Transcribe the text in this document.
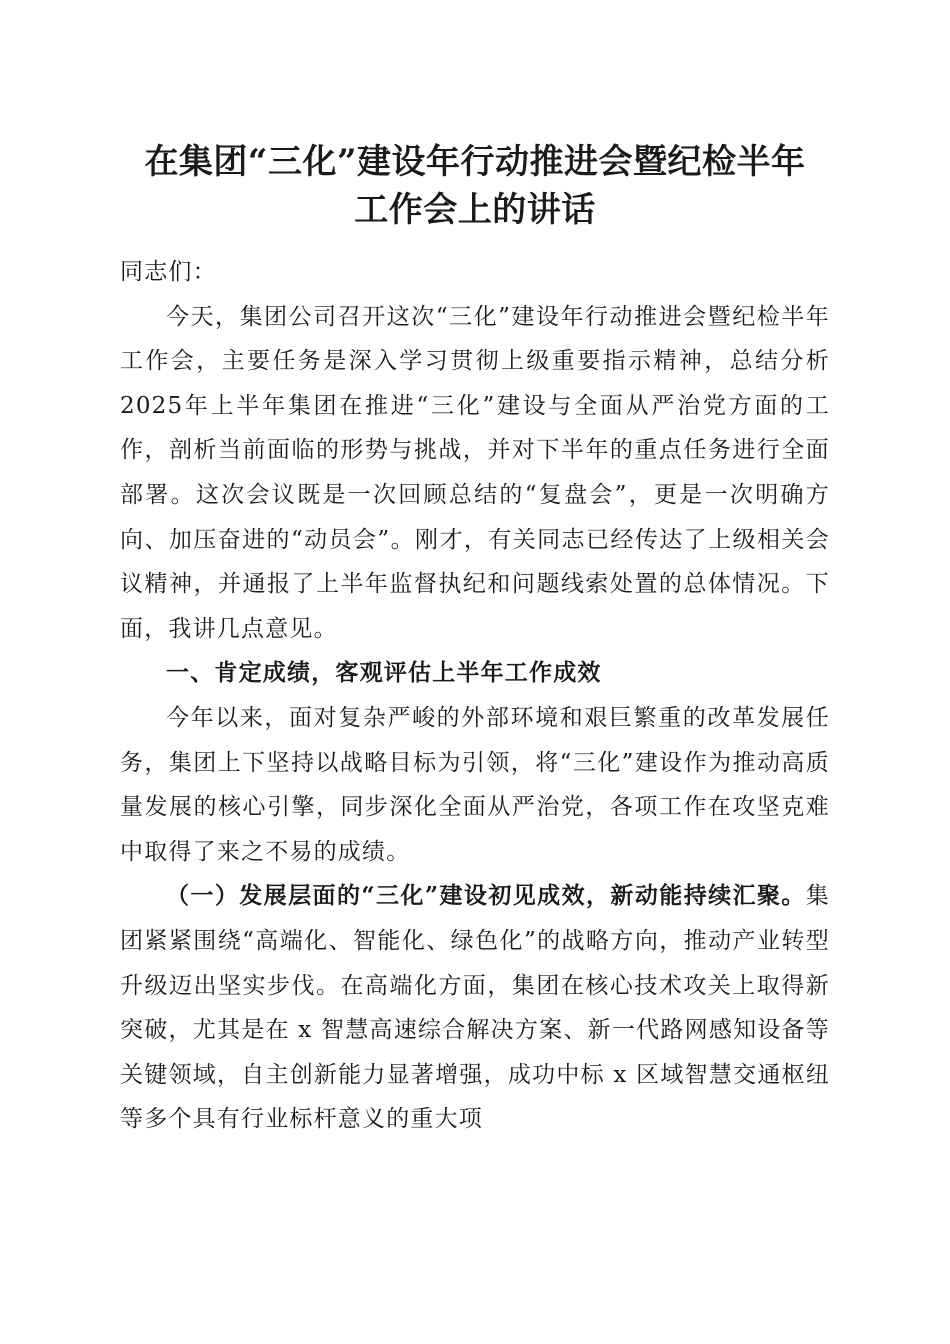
在集团“三化”建设年行动推进会暨纪检半年
工作会上的讲话

同志们：

今天，集团公司召开这次“三化”建设年行动推进会暨纪检半年工作会，主要任务是深入学习贯彻上级重要指示精神，总结分析2025年上半年集团在推进“三化”建设与全面从严治党方面的工作，剖析当前面临的形势与挑战，并对下半年的重点任务进行全面部署。这次会议既是一次回顾总结的“复盘会”，更是一次明确方向、加压奋进的“动员会”。刚才，有关同志已经传达了上级相关会议精神，并通报了上半年监督执纪和问题线索处置的总体情况。下面，我讲几点意见。

一、肯定成绩，客观评估上半年工作成效

今年以来，面对复杂严峻的外部环境和艰巨繁重的改革发展任务，集团上下坚持以战略目标为引领，将“三化”建设作为推动高质量发展的核心引擎，同步深化全面从严治党，各项工作在攻坚克难中取得了来之不易的成绩。

（一）发展层面的“三化”建设初见成效，新动能持续汇聚。集团紧紧围绕“高端化、智能化、绿色化”的战略方向，推动产业转型升级迈出坚实步伐。在高端化方面，集团在核心技术攻关上取得新突破，尤其是在 x 智慧高速综合解决方案、新一代路网感知设备等关键领域，自主创新能力显著增强，成功中标 x 区域智慧交通枢纽等多个具有行业标杆意义的重大项
